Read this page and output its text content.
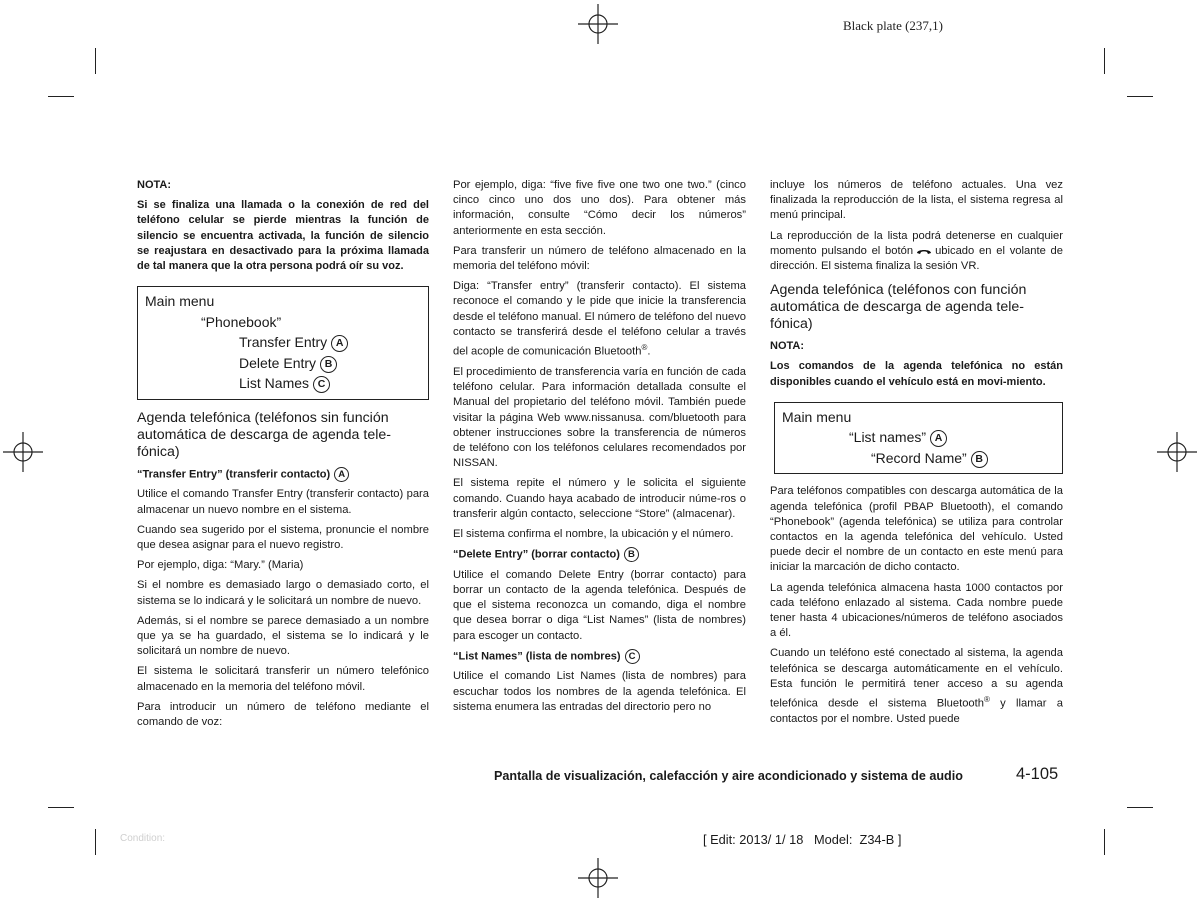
Black plate (237,1)
NOTA:
Si se finaliza una llamada o la conexión de red del teléfono celular se pierde mientras la función de silencio se encuentra activada, la función de silencio se reajustara en desactivado para la próxima llamada de tal manera que la otra persona podrá oír su voz.
Main menu
“Phonebook”
Transfer Entry A
Delete Entry B
List Names C
Agenda telefónica (teléfonos sin función automática de descarga de agenda tele-fónica)
“Transfer Entry” (transferir contacto) A

Utilice el comando Transfer Entry (transferir contacto) para almacenar un nuevo nombre en el sistema.

Cuando sea sugerido por el sistema, pronuncie el nombre que desea asignar para el nuevo registro.

Por ejemplo, diga: “Mary.” (Maria)

Si el nombre es demasiado largo o demasiado corto, el sistema se lo indicará y le solicitará un nombre de nuevo.

Además, si el nombre se parece demasiado a un nombre que ya se ha guardado, el sistema se lo indicará y le solicitará un nombre de nuevo.

El sistema le solicitará transferir un número telefónico almacenado en la memoria del teléfono móvil.

Para introducir un número de teléfono mediante el comando de voz:

Por ejemplo, diga: “five five five one two one two.” (cinco cinco cinco uno dos uno dos). Para obtener más información, consulte “Cómo decir los números” anteriormente en esta sección.

Para transferir un número de teléfono almacenado en la memoria del teléfono móvil:

Diga: “Transfer entry” (transferir contacto). El sistema reconoce el comando y le pide que inicie la transferencia desde el teléfono manual. El número de teléfono del nuevo contacto se transferirá desde el teléfono celular a través del acople de comunicación Bluetooth®.

El procedimiento de transferencia varía en función de cada teléfono celular. Para información detallada consulte el Manual del propietario del teléfono móvil. También puede visitar la página Web www.nissanusa. com/bluetooth para obtener instrucciones sobre la transferencia de números de teléfono con los teléfonos celulares recomendados por NISSAN.

El sistema repite el número y le solicita el siguiente comando. Cuando haya acabado de introducir núme-ros o transferir algún contacto, seleccione “Store” (almacenar).

El sistema confirma el nombre, la ubicación y el número.

“Delete Entry” (borrar contacto) B

Utilice el comando Delete Entry (borrar contacto) para borrar un contacto de la agenda telefónica. Después de que el sistema reconozca un comando, diga el nombre que desea borrar o diga “List Names” (lista de nombres) para escoger un contacto.

“List Names” (lista de nombres) C

Utilice el comando List Names (lista de nombres) para escuchar todos los nombres de la agenda telefónica. El sistema enumera las entradas del directorio pero no

incluye los números de teléfono actuales. Una vez finalizada la reproducción de la lista, el sistema regresa al menú principal.

La reproducción de la lista podrá detenerse en cualquier momento pulsando el botón ubicado en el volante de dirección. El sistema finaliza la sesión VR.

Agenda telefónica (teléfonos con función automática de descarga de agenda tele-fónica)
NOTA:
Los comandos de la agenda telefónica no están disponibles cuando el vehículo está en movi-miento.
Main menu
“List names” A
“Record Name” B

Para teléfonos compatibles con descarga automática de la agenda telefónica (profil PBAP Bluetooth), el comando “Phonebook” (agenda telefónica) se utiliza para controlar contactos en la agenda telefónica del vehículo. Usted puede decir el nombre de un contacto en este menú para iniciar la marcación de dicho contacto.

La agenda telefónica almacena hasta 1000 contactos por cada teléfono enlazado al sistema. Cada nombre puede tener hasta 4 ubicaciones/números de teléfono asociados a él.

Cuando un teléfono esté conectado al sistema, la agenda telefónica se descarga automáticamente en el vehículo. Esta función le permitirá tener acceso a su agenda telefónica desde el sistema Bluetooth® y llamar a contactos por el nombre. Usted puede

Pantalla de visualización, calefacción y aire acondicionado y sistema de audio	4-105
Condition:	[ Edit: 2013/ 1/ 18   Model:  Z34-B ]
